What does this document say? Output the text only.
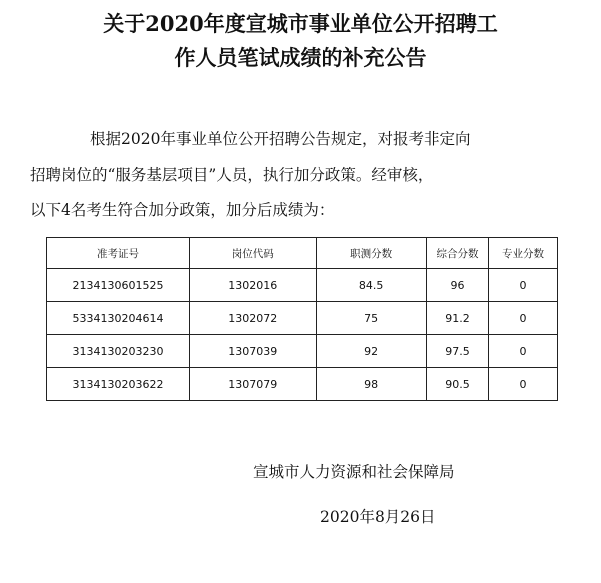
关于2020年度宣城市事业单位公开招聘工
作人员笔试成绩的补充公告
根据2020年事业单位公开招聘公告规定，对报考非定向
招聘岗位的“服务基层项目”人员，执行加分政策。经审核，
以下4名考生符合加分政策，加分后成绩为：
准考证号	岗位代码	职测分数	综合分数	专业分数
2134130601525	1302016	84.5	96	0
5334130204614	1302072	75	91.2	0
3134130203230	1307039	92	97.5	0
3134130203622	1307079	98	90.5	0
宣城市人力资源和社会保障局
2020年8月26日
